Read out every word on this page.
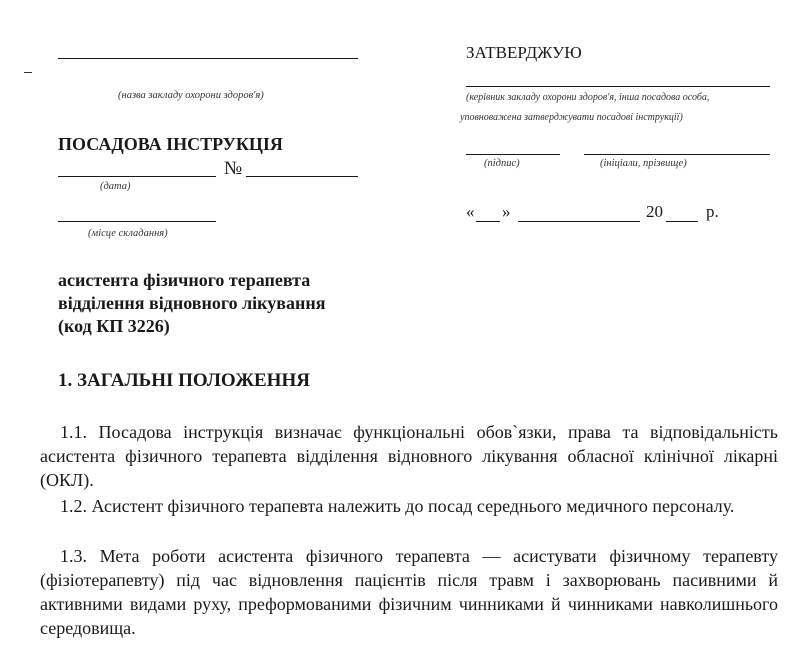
(назва закладу охорони здоров'я)
ПОСАДОВА ІНСТРУКЦІЯ
№
(дата)
(місце складання)
ЗАТВЕРДЖУЮ
(керівник закладу охорони здоров'я, інша посадова особа,
уповноважена затверджувати посадові інструкції)
(підпис)	(ініціали, прізвище)
« »	20	р.
асистента фізичного терапевта
відділення відновного лікування
(код КП 3226)
1. ЗАГАЛЬНІ ПОЛОЖЕННЯ
1.1. Посадова інструкція визначає функціональні обов`язки, права та відповідальність асистента фізичного терапевта відділення відновного лікування обласної клінічної лікарні (ОКЛ).
1.2. Асистент фізичного терапевта належить до посад середнього медичного персоналу.
1.3. Мета роботи асистента фізичного терапевта — асистувати фізичному терапевту (фізіотерапевту) під час відновлення пацієнтів після травм і захворювань пасивними й активними видами руху, преформованими фізичним чинниками й чинниками навколишнього середовища.
